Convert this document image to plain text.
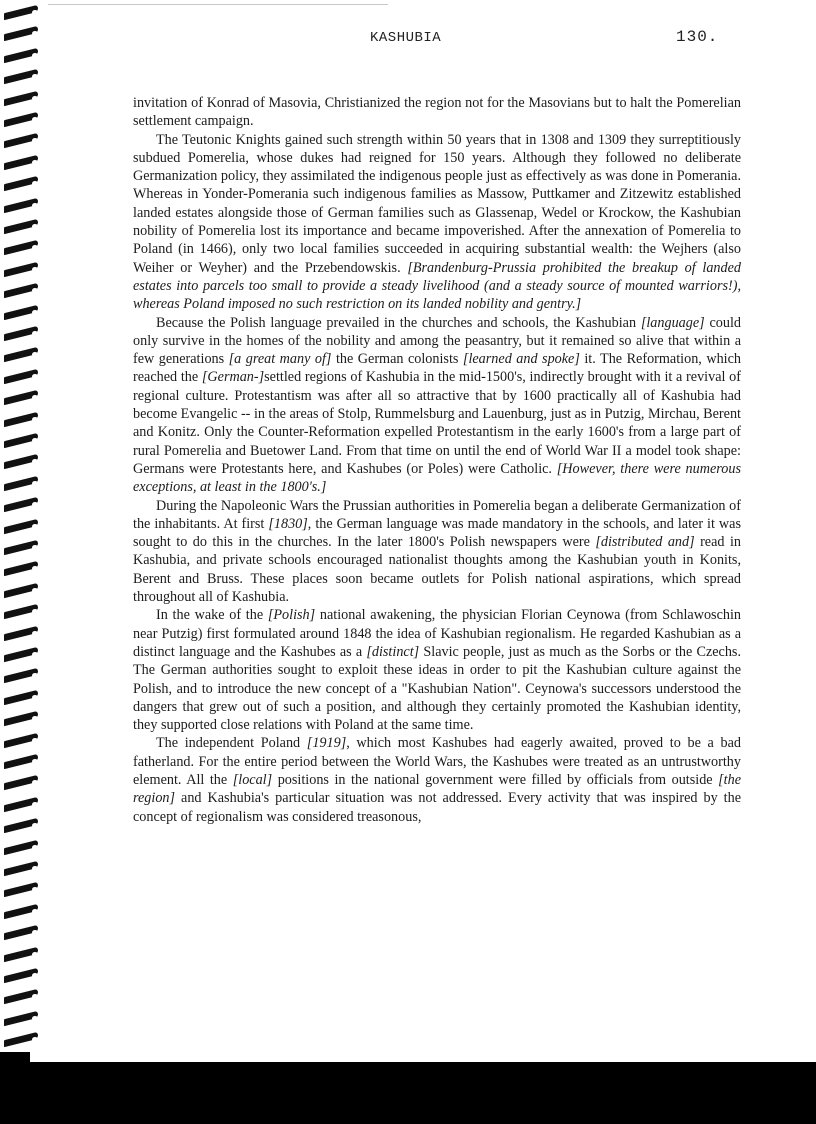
KASHUBIA	130.

invitation of Konrad of Masovia, Christianized the region not for the Masovians but to halt the Pomerelian settlement campaign.

The Teutonic Knights gained such strength within 50 years that in 1308 and 1309 they surreptitiously subdued Pomerelia, whose dukes had reigned for 150 years. Although they followed no deliberate Germanization policy, they assimilated the indigenous people just as effectively as was done in Pomerania. Whereas in Yonder-Pomerania such indigenous families as Massow, Puttkamer and Zitzewitz established landed estates alongside those of German families such as Glassenap, Wedel or Krockow, the Kashubian nobility of Pomerelia lost its importance and became impoverished. After the annexation of Pomerelia to Poland (in 1466), only two local families succeeded in acquiring substantial wealth: the Wejhers (also Weiher or Weyher) and the Przebendowskis. [Brandenburg-Prussia prohibited the breakup of landed estates into parcels too small to provide a steady livelihood (and a steady source of mounted warriors!), whereas Poland imposed no such restriction on its landed nobility and gentry.]

Because the Polish language prevailed in the churches and schools, the Kashubian [language] could only survive in the homes of the nobility and among the peasantry, but it remained so alive that within a few generations [a great many of] the German colonists [learned and spoke] it. The Reformation, which reached the [German-]settled regions of Kashubia in the mid-1500's, indirectly brought with it a revival of regional culture. Protestantism was after all so attractive that by 1600 practically all of Kashubia had become Evangelic -- in the areas of Stolp, Rummelsburg and Lauenburg, just as in Putzig, Mirchau, Berent and Konitz. Only the Counter-Reformation expelled Protestantism in the early 1600's from a large part of rural Pomerelia and Buetower Land. From that time on until the end of World War II a model took shape: Germans were Protestants here, and Kashubes (or Poles) were Catholic. [However, there were numerous exceptions, at least in the 1800's.]

During the Napoleonic Wars the Prussian authorities in Pomerelia began a deliberate Germanization of the inhabitants. At first [1830], the German language was made mandatory in the schools, and later it was sought to do this in the churches. In the later 1800's Polish newspapers were [distributed and] read in Kashubia, and private schools encouraged nationalist thoughts among the Kashubian youth in Konits, Berent and Bruss. These places soon became outlets for Polish national aspirations, which spread throughout all of Kashubia.

In the wake of the [Polish] national awakening, the physician Florian Ceynowa (from Schlawoschin near Putzig) first formulated around 1848 the idea of Kashubian regionalism. He regarded Kashubian as a distinct language and the Kashubes as a [distinct] Slavic people, just as much as the Sorbs or the Czechs. The German authorities sought to exploit these ideas in order to pit the Kashubian culture against the Polish, and to introduce the new concept of a "Kashubian Nation". Ceynowa's successors understood the dangers that grew out of such a position, and although they certainly promoted the Kashubian identity, they supported close relations with Poland at the same time.

The independent Poland [1919], which most Kashubes had eagerly awaited, proved to be a bad fatherland. For the entire period between the World Wars, the Kashubes were treated as an untrustworthy element. All the [local] positions in the national government were filled by officials from outside [the region] and Kashubia's particular situation was not addressed. Every activity that was inspired by the concept of regionalism was considered treasonous,
